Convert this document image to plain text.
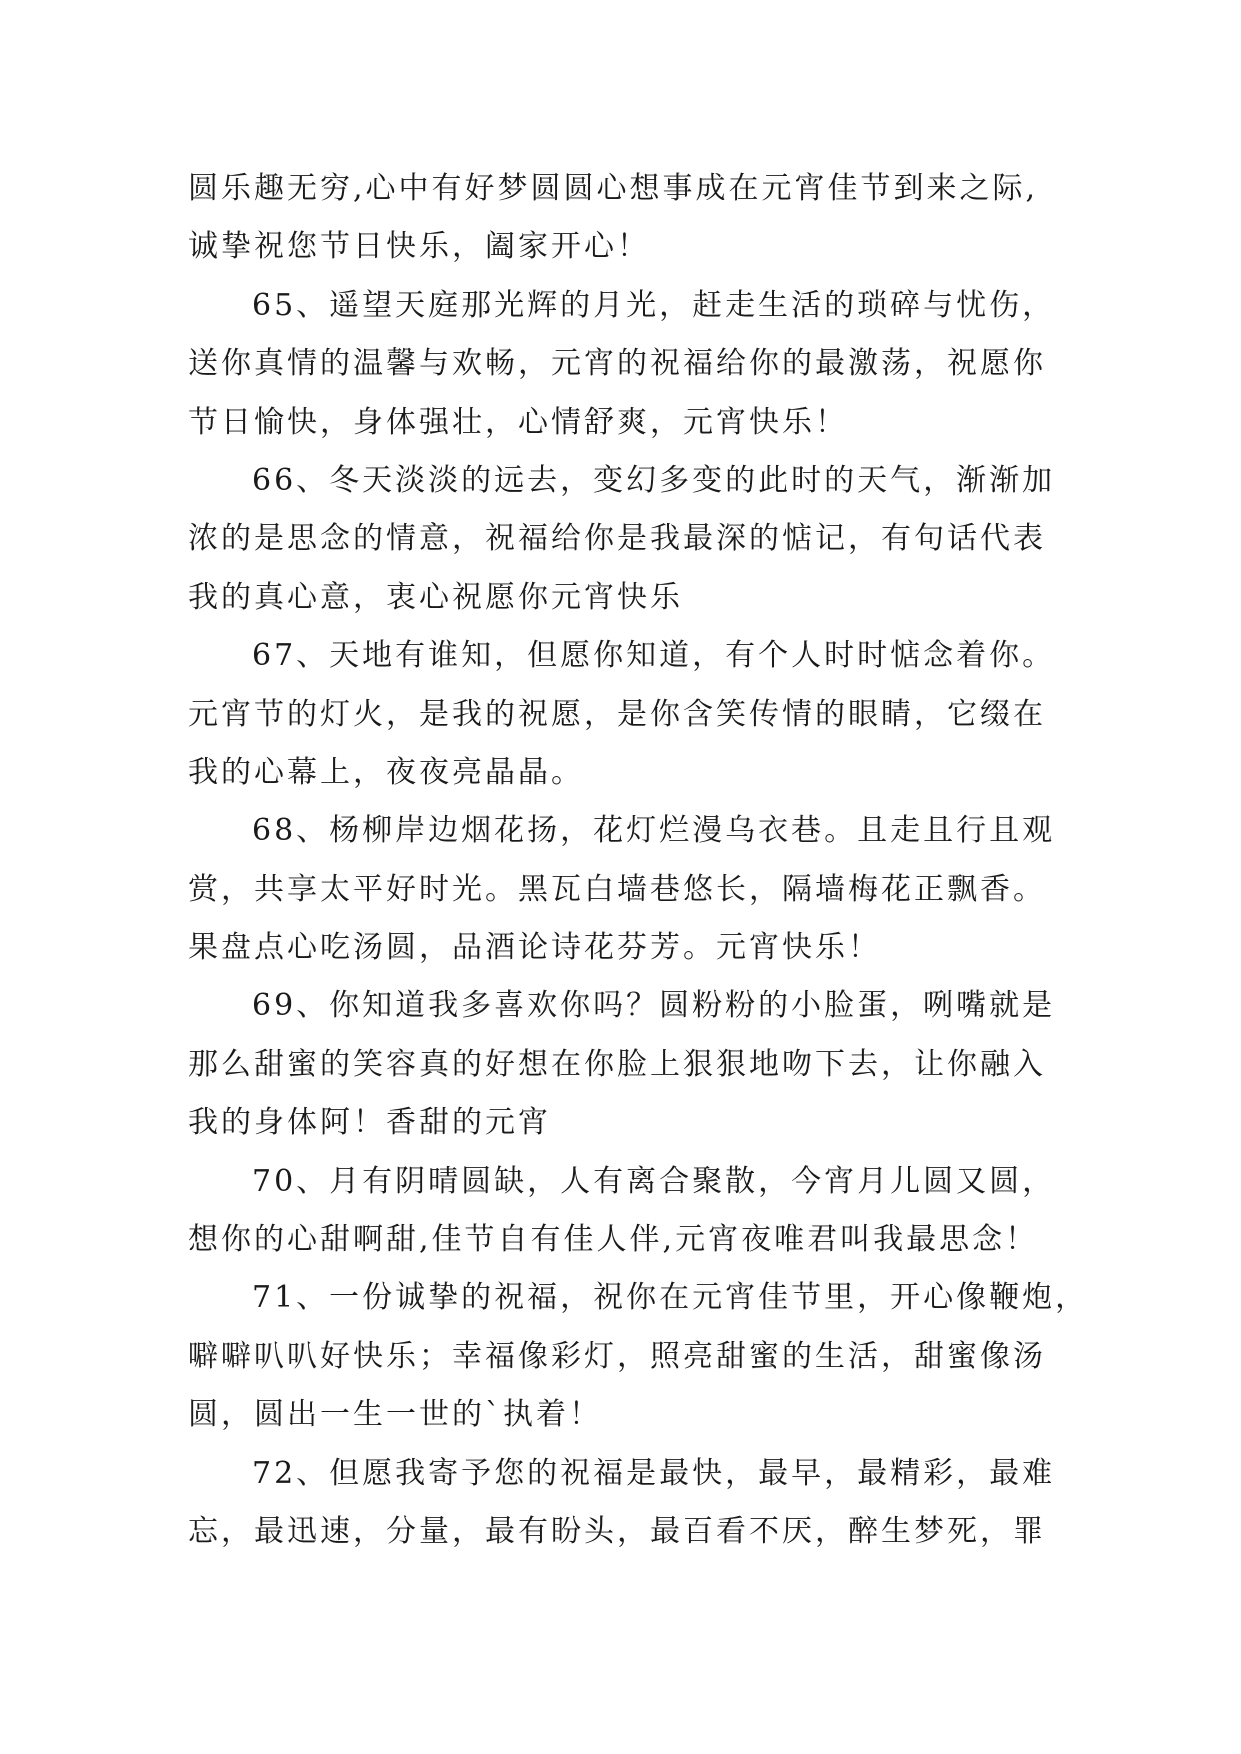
圆乐趣无穷,心中有好梦圆圆心想事成在元宵佳节到来之际,
诚挚祝您节日快乐，阖家开心！
65、遥望天庭那光辉的月光，赶走生活的琐碎与忧伤，
送你真情的温馨与欢畅，元宵的祝福给你的最激荡，祝愿你
节日愉快，身体强壮，心情舒爽，元宵快乐！
66、冬天淡淡的远去，变幻多变的此时的天气，渐渐加
浓的是思念的情意，祝福给你是我最深的惦记，有句话代表
我的真心意，衷心祝愿你元宵快乐
67、天地有谁知，但愿你知道，有个人时时惦念着你。
元宵节的灯火，是我的祝愿，是你含笑传情的眼睛，它缀在
我的心幕上，夜夜亮晶晶。
68、杨柳岸边烟花扬，花灯烂漫乌衣巷。且走且行且观
赏，共享太平好时光。黑瓦白墙巷悠长，隔墙梅花正飘香。
果盘点心吃汤圆，品酒论诗花芬芳。元宵快乐！
69、你知道我多喜欢你吗？圆粉粉的小脸蛋，咧嘴就是
那么甜蜜的笑容真的好想在你脸上狠狠地吻下去，让你融入
我的身体阿！香甜的元宵
70、月有阴晴圆缺，人有离合聚散，今宵月儿圆又圆，
想你的心甜啊甜,佳节自有佳人伴,元宵夜唯君叫我最思念！
71、一份诚挚的祝福，祝你在元宵佳节里，开心像鞭炮，
噼噼叭叭好快乐；幸福像彩灯，照亮甜蜜的生活，甜蜜像汤
圆，圆出一生一世的`执着！
72、但愿我寄予您的祝福是最快，最早，最精彩，最难
忘，最迅速，分量，最有盼头，最百看不厌，醉生梦死，罪
